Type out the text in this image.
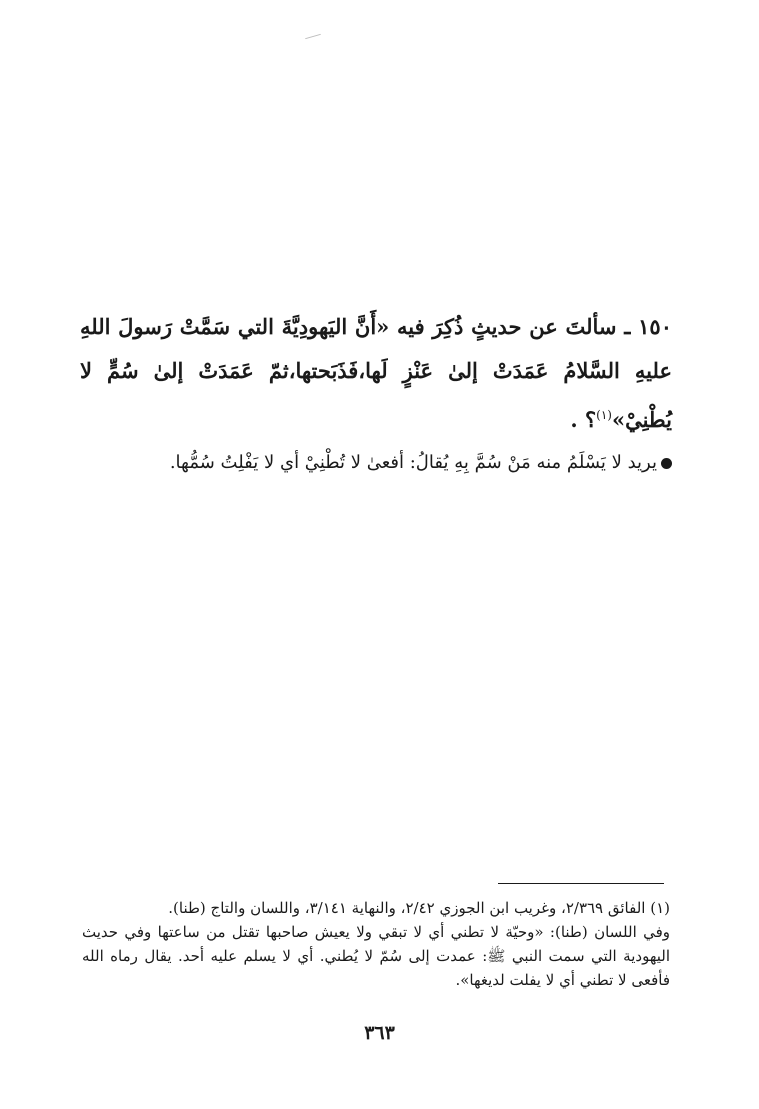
١٥٠ ـ سألتَ عن حديثٍ ذُكِرَ فيه «أَنَّ اليَهودِيَّةَ التي سَمَّتْ رَسولَ اللهِ عليهِ السَّلامُ عَمَدَتْ إلىٰ عَنْزٍ لَها،فَذَبَحتها،ثمّ عَمَدَتْ إلىٰ سُمٍّ لا يُطْنِيْ»$^{(١)}$؟ .

يريد لا يَسْلَمُ منه مَنْ سُمَّ بِهِ يُقالُ: أفعىٰ لا تُطْنِيْ أي لا يَفْلِتُ سُمُّها.

(١) الفائق ٢/٣٦٩، وغريب ابن الجوزي ٢/٤٢، والنهاية ٣/١٤١، واللسان والتاج (طنا).

وفي اللسان (طنا): «وحيّة لا تطني أي لا تبقي ولا يعيش صاحبها تقتل من ساعتها وفي حديث اليهودية التي سمت النبي ﷺ: عمدت إلى سُمّ لا يُطني. أي لا يسلم عليه أحد. يقال رماه الله فأفعى لا تطني أي لا يفلت لديغها».

٣٦٣
